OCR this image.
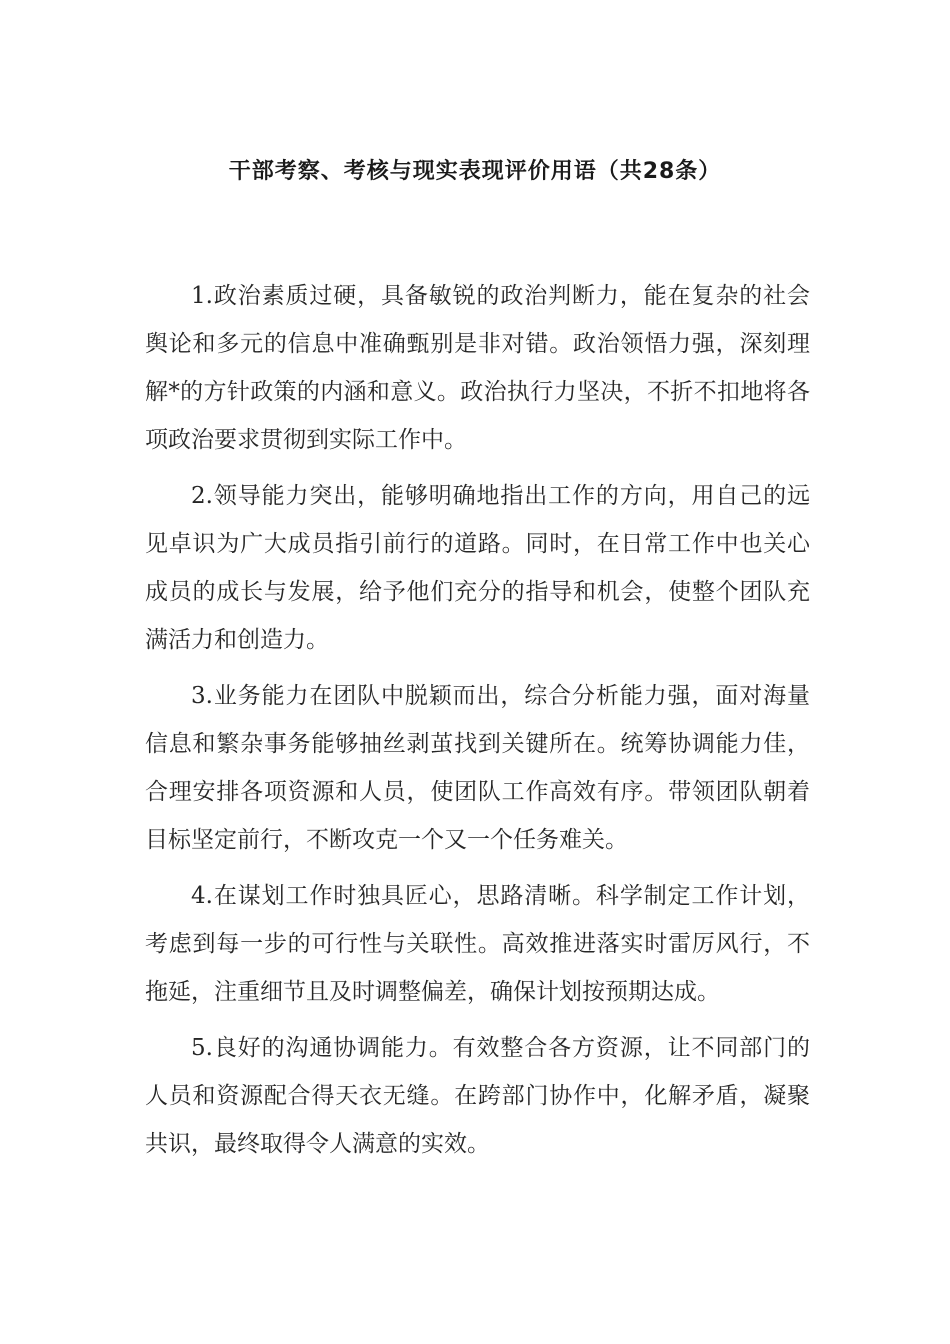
干部考察、考核与现实表现评价用语（共28条）

1.政治素质过硬，具备敏锐的政治判断力，能在复杂的社会舆论和多元的信息中准确甄别是非对错。政治领悟力强，深刻理解*的方针政策的内涵和意义。政治执行力坚决，不折不扣地将各项政治要求贯彻到实际工作中。

2.领导能力突出，能够明确地指出工作的方向，用自己的远见卓识为广大成员指引前行的道路。同时，在日常工作中也关心成员的成长与发展，给予他们充分的指导和机会，使整个团队充满活力和创造力。

3.业务能力在团队中脱颖而出，综合分析能力强，面对海量信息和繁杂事务能够抽丝剥茧找到关键所在。统筹协调能力佳，合理安排各项资源和人员，使团队工作高效有序。带领团队朝着目标坚定前行，不断攻克一个又一个任务难关。

4.在谋划工作时独具匠心，思路清晰。科学制定工作计划，考虑到每一步的可行性与关联性。高效推进落实时雷厉风行，不拖延，注重细节且及时调整偏差，确保计划按预期达成。

5.良好的沟通协调能力。有效整合各方资源，让不同部门的人员和资源配合得天衣无缝。在跨部门协作中，化解矛盾，凝聚共识，最终取得令人满意的实效。
